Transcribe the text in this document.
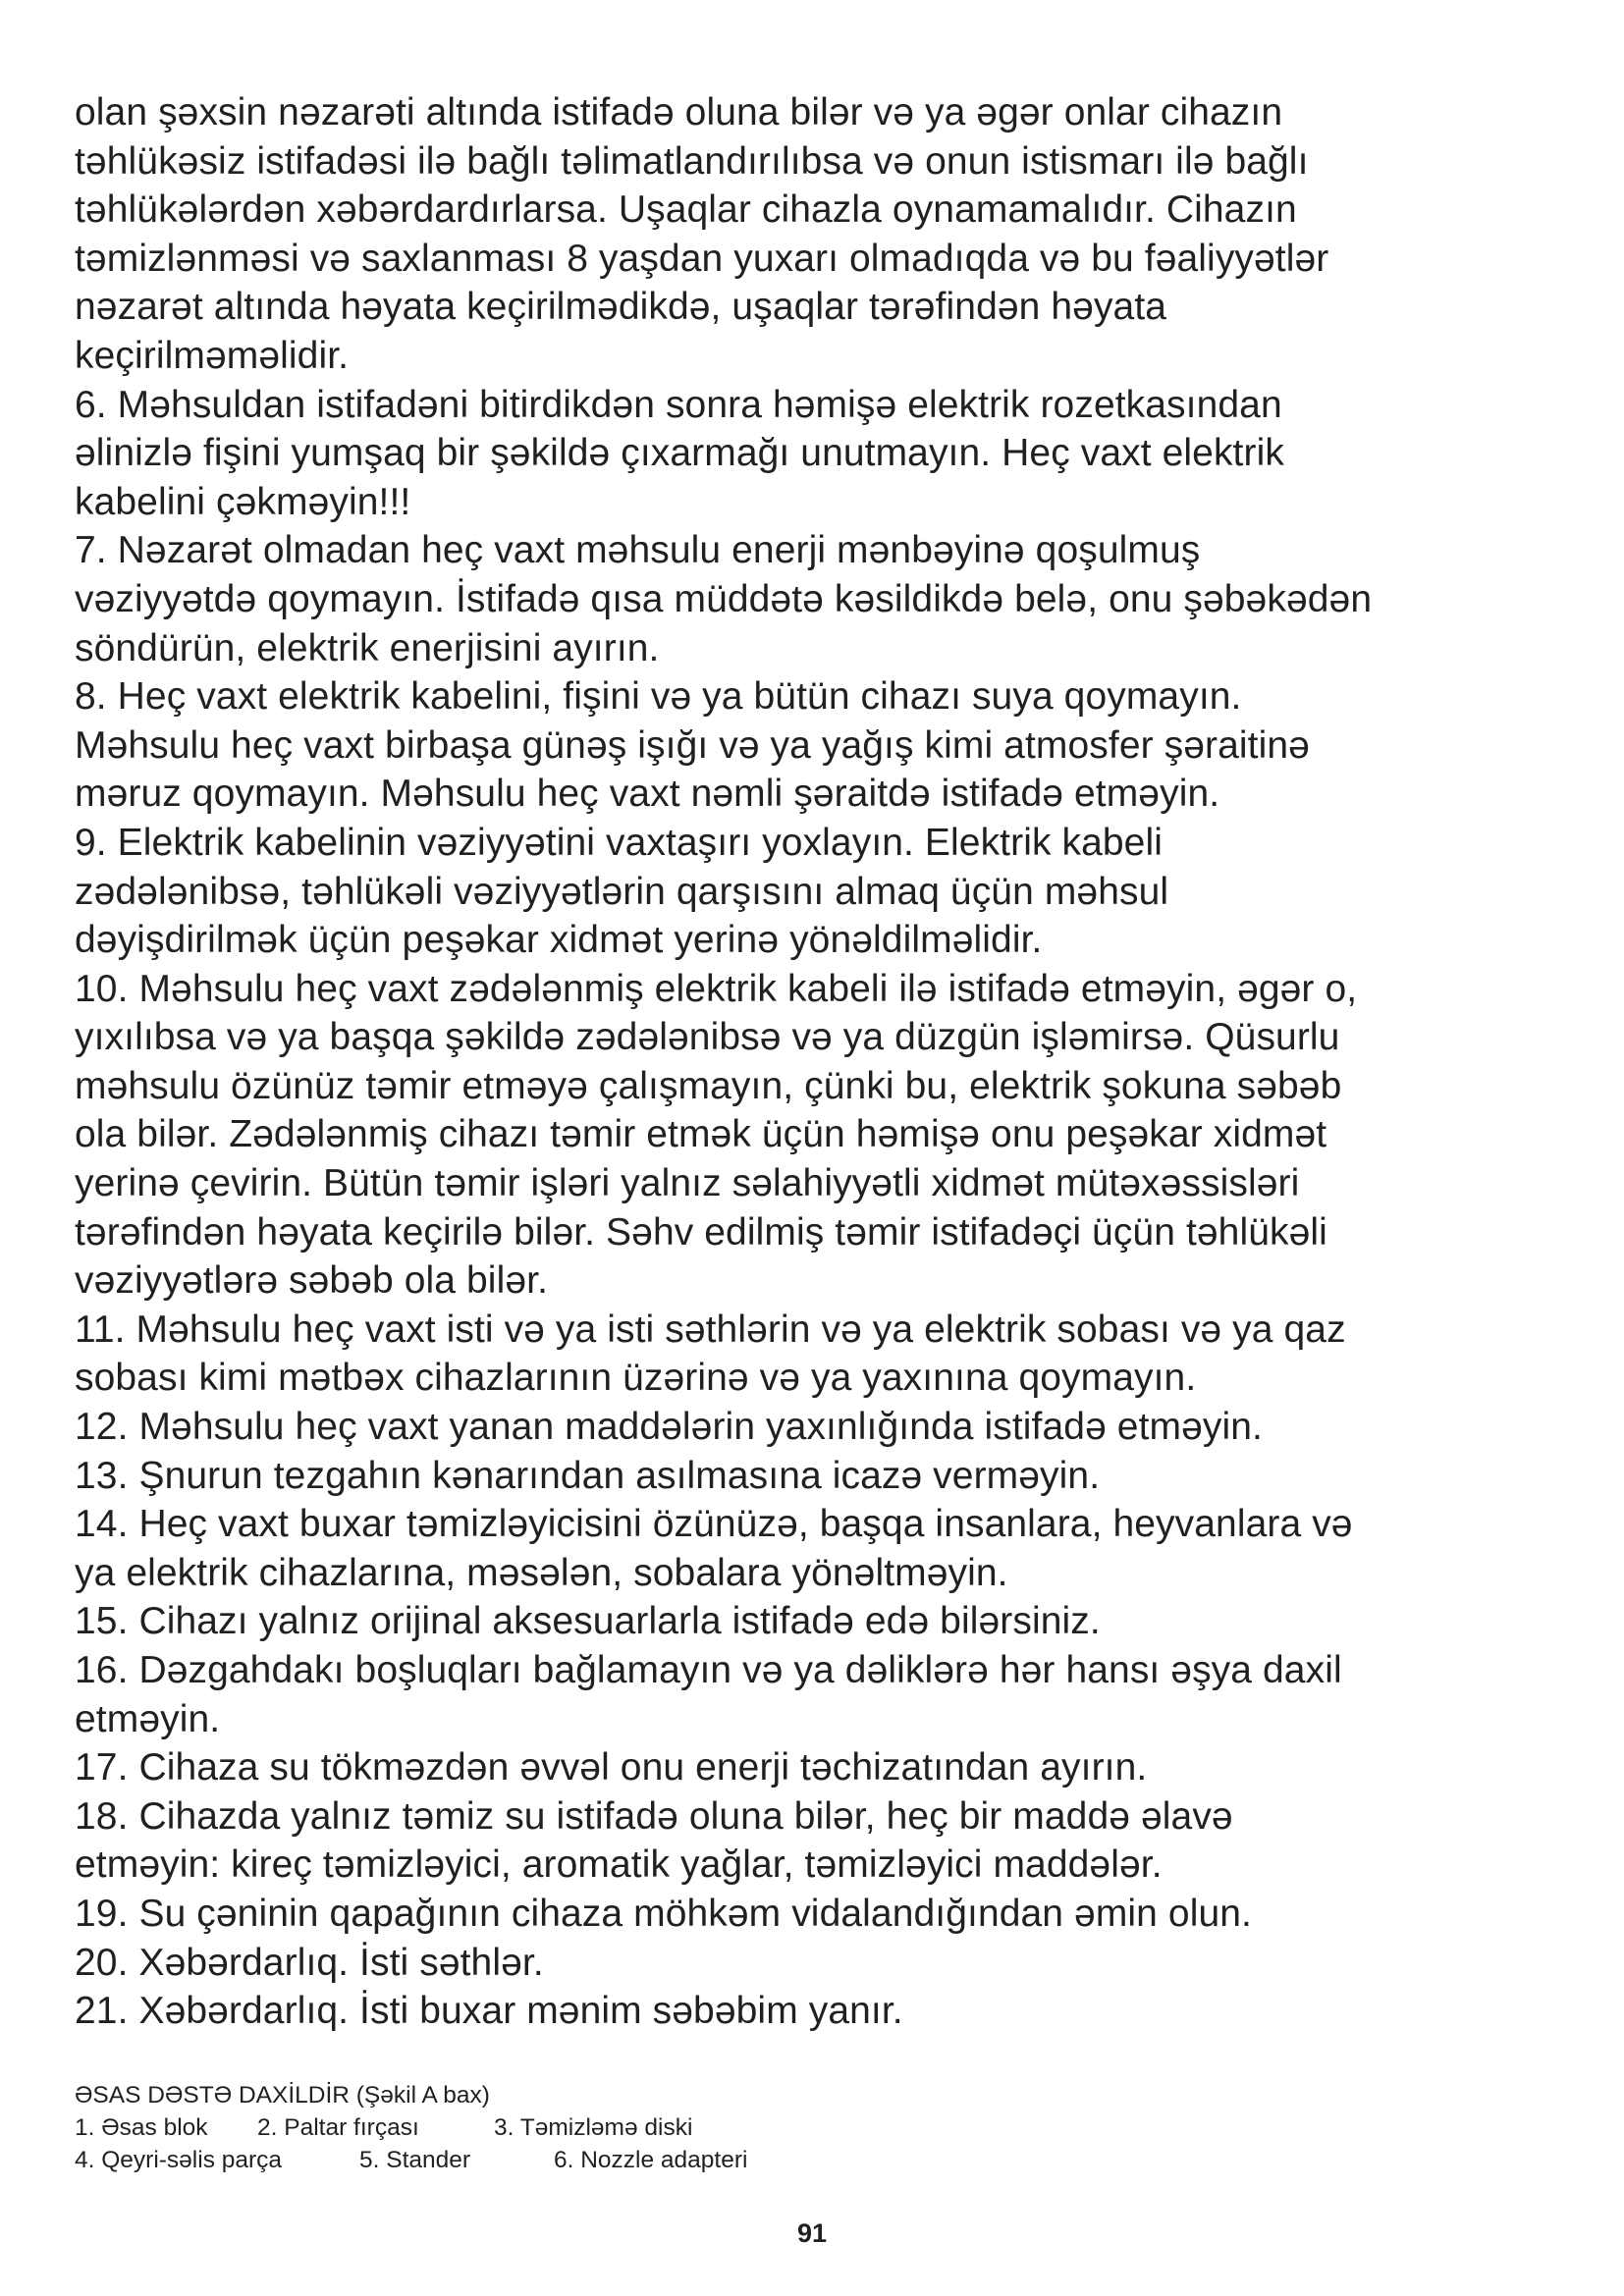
olan şəxsin nəzarəti altında istifadə oluna bilər və ya əgər onlar cihazın

təhlükəsiz istifadəsi ilə bağlı təlimatlandırılıbsa və onun istismarı ilə bağlı

təhlükələrdən xəbərdardırlarsa. Uşaqlar cihazla oynamamalıdır. Cihazın

təmizlənməsi və saxlanması 8 yaşdan yuxarı olmadıqda və bu fəaliyyətlər

nəzarət altında həyata keçirilmədikdə, uşaqlar tərəfindən həyata

keçirilməməlidir.

6. Məhsuldan istifadəni bitirdikdən sonra həmişə elektrik rozetkasından

əlinizlə fişini yumşaq bir şəkildə çıxarmağı unutmayın. Heç vaxt elektrik

kabelini çəkməyin!!!

7. Nəzarət olmadan heç vaxt məhsulu enerji mənbəyinə qoşulmuş

vəziyyətdə qoymayın. İstifadə qısa müddətə kəsildikdə belə, onu şəbəkədən

söndürün, elektrik enerjisini ayırın.

8. Heç vaxt elektrik kabelini, fişini və ya bütün cihazı suya qoymayın.

Məhsulu heç vaxt birbaşa günəş işığı və ya yağış kimi atmosfer şəraitinə

məruz qoymayın. Məhsulu heç vaxt nəmli şəraitdə istifadə etməyin.

9. Elektrik kabelinin vəziyyətini vaxtaşırı yoxlayın. Elektrik kabeli

zədələnibsə, təhlükəli vəziyyətlərin qarşısını almaq üçün məhsul

dəyişdirilmək üçün peşəkar xidmət yerinə yönəldilməlidir.

10. Məhsulu heç vaxt zədələnmiş elektrik kabeli ilə istifadə etməyin, əgər o,

yıxılıbsa və ya başqa şəkildə zədələnibsə və ya düzgün işləmirsə. Qüsurlu

məhsulu özünüz təmir etməyə çalışmayın, çünki bu, elektrik şokuna səbəb

ola bilər. Zədələnmiş cihazı təmir etmək üçün həmişə onu peşəkar xidmət

yerinə çevirin. Bütün təmir işləri yalnız səlahiyyətli xidmət mütəxəssisləri

tərəfindən həyata keçirilə bilər. Səhv edilmiş təmir istifadəçi üçün təhlükəli

vəziyyətlərə səbəb ola bilər.

11. Məhsulu heç vaxt isti və ya isti səthlərin və ya elektrik sobası və ya qaz

sobası kimi mətbəx cihazlarının üzərinə və ya yaxınına qoymayın.

12. Məhsulu heç vaxt yanan maddələrin yaxınlığında istifadə etməyin.

13. Şnurun tezgahın kənarından asılmasına icazə verməyin.

14. Heç vaxt buxar təmizləyicisini özünüzə, başqa insanlara, heyvanlara və

ya elektrik cihazlarına, məsələn, sobalara yönəltməyin.

15. Cihazı yalnız orijinal aksesuarlarla istifadə edə bilərsiniz.

16. Dəzgahdakı boşluqları bağlamayın və ya dəliklərə hər hansı əşya daxil

etməyin.

17. Cihaza su tökməzdən əvvəl onu enerji təchizatından ayırın.

18. Cihazda yalnız təmiz su istifadə oluna bilər, heç bir maddə əlavə

etməyin: kireç təmizləyici, aromatik yağlar, təmizləyici maddələr.

19. Su çəninin qapağının cihaza möhkəm vidalandığından əmin olun.

20. Xəbərdarlıq. İsti səthlər.

21. Xəbərdarlıq. İsti buxar mənim səbəbim yanır.

ƏSAS DƏSTƏ DAXİLDİR (Şəkil A bax)
1. Əsas blok 2. Paltar fırçası	3. Təmizləmə diski
4. Qeyri-səlis parça	5. Stander	6. Nozzle adapteri
91
